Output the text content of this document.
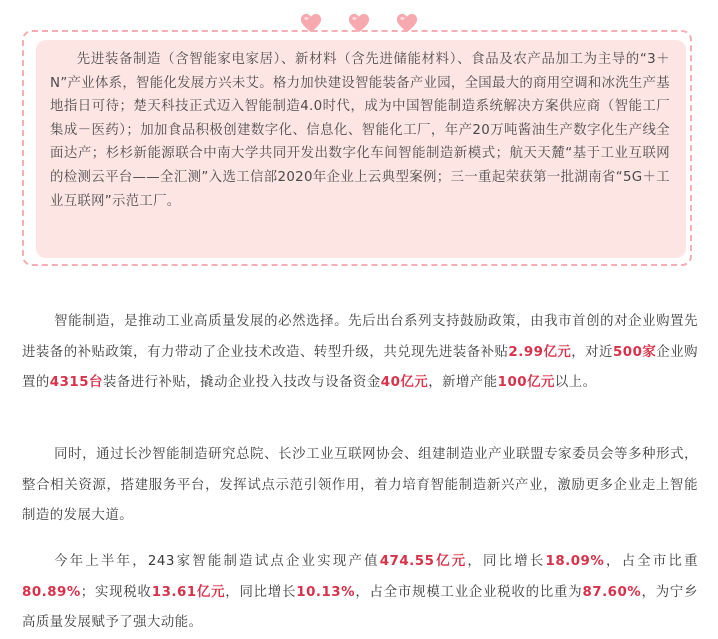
先进装备制造（含智能家电家居）、新材料（含先进储能材料）、食品及农产品加工为主导的“3＋N”产业体系，智能化发展方兴未艾。格力加快建设智能装备产业园，全国最大的商用空调和冰洗生产基地指日可待；楚天科技正式迈入智能制造4.0时代，成为中国智能制造系统解决方案供应商（智能工厂集成－医药）；加加食品积极创建数字化、信息化、智能化工厂，年产20万吨酱油生产数字化生产线全面达产；杉杉新能源联合中南大学共同开发出数字化车间智能制造新模式；航天天麓“基于工业互联网的检测云平台——全汇测”入选工信部2020年企业上云典型案例；三一重起荣获第一批湖南省“5G＋工业互联网”示范工厂。

智能制造，是推动工业高质量发展的必然选择。先后出台系列支持鼓励政策，由我市首创的对企业购置先进装备的补贴政策，有力带动了企业技术改造、转型升级，共兑现先进装备补贴2.99亿元，对近500家企业购置的4315台装备进行补贴，撬动企业投入技改与设备资金40亿元，新增产能100亿元以上。

同时，通过长沙智能制造研究总院、长沙工业互联网协会、组建制造业产业联盟专家委员会等多种形式，整合相关资源，搭建服务平台，发挥试点示范引领作用，着力培育智能制造新兴产业，激励更多企业走上智能制造的发展大道。

今年上半年，243家智能制造试点企业实现产值474.55亿元，同比增长18.09%，占全市比重80.89%；实现税收13.61亿元，同比增长10.13%，占全市规模工业企业税收的比重为87.60%，为宁乡高质量发展赋予了强大动能。
